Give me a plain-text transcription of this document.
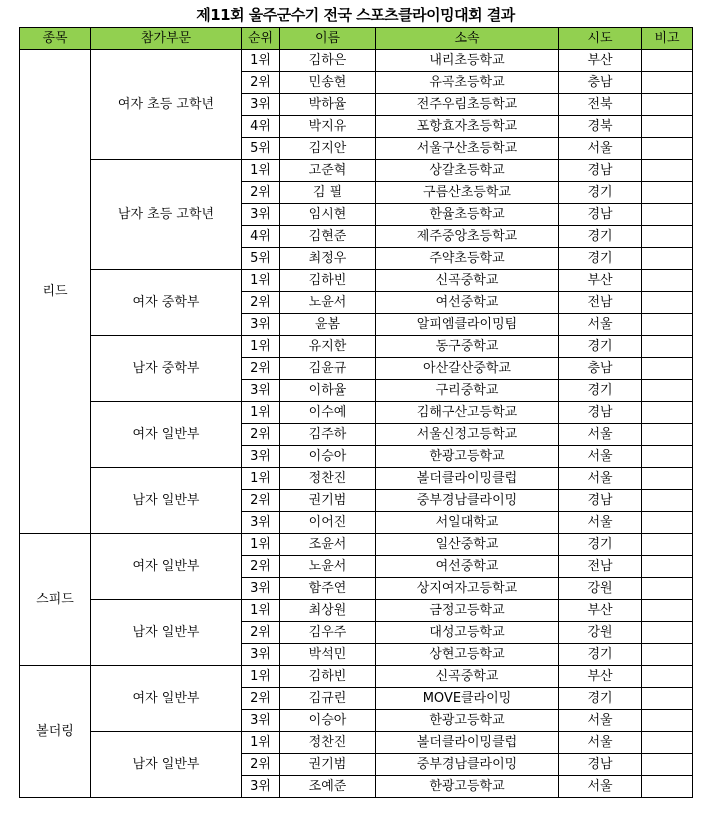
제11회 울주군수기 전국 스포츠클라이밍대회 결과
종목	참가부문	순위	이름	소속	시도	비고
리드	여자 초등 고학년	1위	김하은	내리초등학교	부산	
		2위	민송현	유곡초등학교	충남	
		3위	박하율	전주우림초등학교	전북	
		4위	박지유	포항효자초등학교	경북	
		5위	김지안	서울구산초등학교	서울	
	남자 초등 고학년	1위	고준혁	상갈초등학교	경남	
		2위	김 필	구름산초등학교	경기	
		3위	임시현	한율초등학교	경남	
		4위	김현준	제주중앙초등학교	경기	
		5위	최정우	주약초등학교	경기	
	여자 중학부	1위	김하빈	신곡중학교	부산	
		2위	노윤서	여선중학교	전남	
		3위	윤봄	알피엠클라이밍팀	서울	
	남자 중학부	1위	유지한	동구중학교	경기	
		2위	김윤규	아산갈산중학교	충남	
		3위	이하율	구리중학교	경기	
	여자 일반부	1위	이수예	김해구산고등학교	경남	
		2위	김주하	서울신정고등학교	서울	
		3위	이승아	한광고등학교	서울	
	남자 일반부	1위	정찬진	볼더클라이밍클럽	서울	
		2위	권기범	중부경남클라이밍	경남	
		3위	이어진	서일대학교	서울	
스피드	여자 일반부	1위	조윤서	일산중학교	경기	
		2위	노윤서	여선중학교	전남	
		3위	함주연	상지여자고등학교	강원	
	남자 일반부	1위	최상원	금정고등학교	부산	
		2위	김우주	대성고등학교	강원	
		3위	박석민	상현고등학교	경기	
볼더링	여자 일반부	1위	김하빈	신곡중학교	부산	
		2위	김규린	MOVE클라이밍	경기	
		3위	이승아	한광고등학교	서울	
	남자 일반부	1위	정찬진	볼더클라이밍클럽	서울	
		2위	권기범	중부경남클라이밍	경남	
		3위	조예준	한광고등학교	서울	
